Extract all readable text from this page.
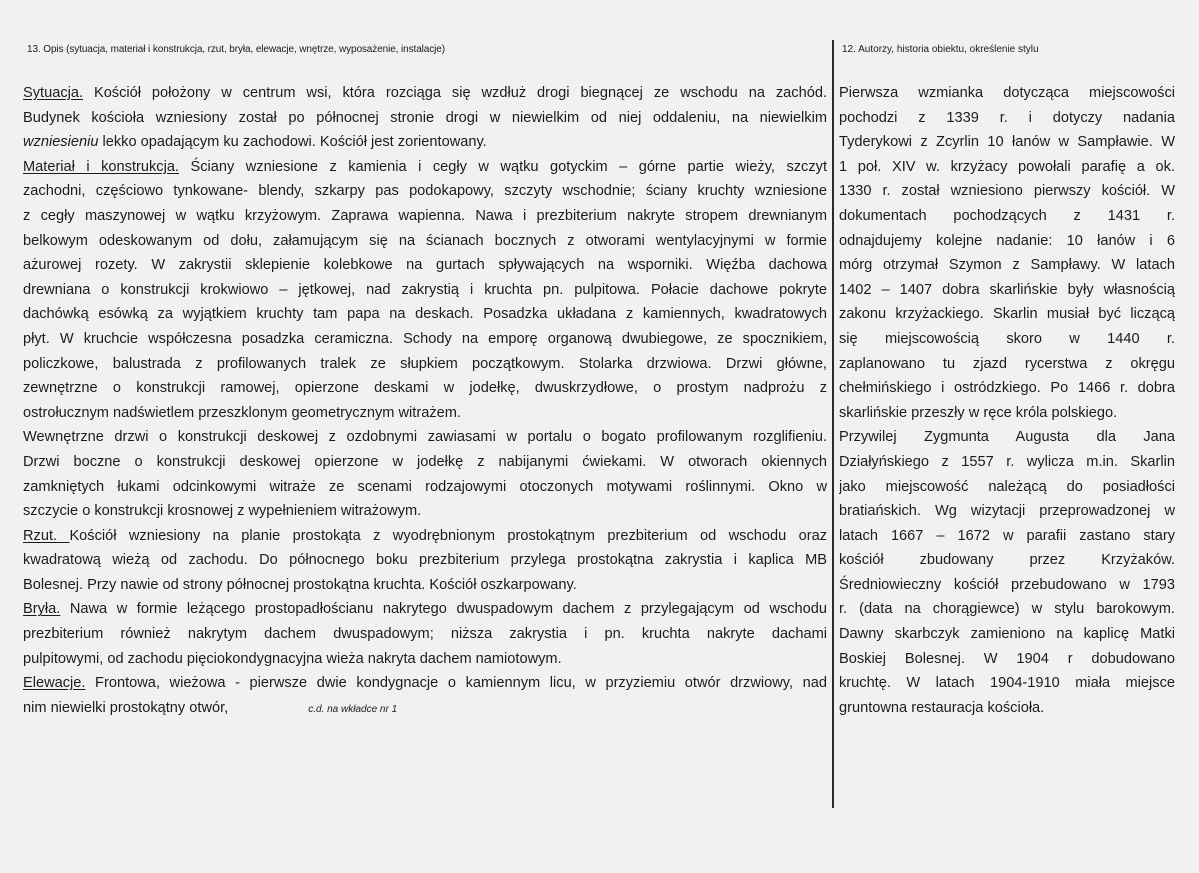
13. Opis (sytuacja, materiał i konstrukcja, rzut, bryła, elewacje, wnętrze, wyposażenie, instalacje)	12. Autorzy, historia obiektu, określenie stylu
Sytuacja. Kościół położony w centrum wsi, która rozciąga się wzdłuż drogi biegnącej ze wschodu na zachód.
Budynek kościoła wzniesiony został po północnej stronie drogi w niewielkim od niej oddaleniu, na niewielkim
wzniesieniu lekko opadającym ku zachodowi. Kościół jest zorientowany.
Materiał i konstrukcja. Ściany wzniesione z kamienia i cegły w wątku gotyckim – górne partie wieży, szczyt
zachodni, częściowo tynkowane- blendy, szkarpy pas podokapowy, szczyty wschodnie; ściany kruchty wzniesione
z cegły maszynowej w wątku krzyżowym. Zaprawa wapienna. Nawa i prezbiterium nakryte stropem drewnianym
belkowym odeskowanym od dołu, załamującym się na ścianach bocznych z otworami wentylacyjnymi w formie
ażurowej rozety. W zakrystii sklepienie kolebkowe na gurtach spływających na wsporniki. Więźba dachowa
drewniana o konstrukcji krokwiowo – jętkowej, nad zakrystią i kruchta pn. pulpitowa. Połacie dachowe pokryte
dachówką esówką za wyjątkiem kruchty tam papa na deskach. Posadzka układana z kamiennych, kwadratowych
płyt. W kruchcie współczesna posadzka ceramiczna. Schody na emporę organową dwubiegowe, ze spocznikiem,
policzkowe, balustrada z profilowanych tralek ze słupkiem początkowym. Stolarka drzwiowa. Drzwi główne,
zewnętrzne o konstrukcji ramowej, opierzone deskami w jodełkę, dwuskrzydłowe, o prostym nadprożu z
ostrołucznym nadświetlem przeszklonym geometrycznym witrażem.
Wewnętrzne drzwi o konstrukcji deskowej z ozdobnymi zawiasami w portalu o bogato profilowanym rozglifieniu.
Drzwi boczne o konstrukcji deskowej opierzone w jodełkę z nabijanymi ćwiekami. W otworach okiennych
zamkniętych łukami odcinkowymi witraże ze scenami rodzajowymi otoczonych motywami roślinnymi. Okno w
szczycie o konstrukcji krosnowej z wypełnieniem witrażowym.
Rzut. Kościół wzniesiony na planie prostokąta z wyodrębnionym prostokątnym prezbiterium od wschodu oraz
kwadratową wieżą od zachodu. Do północnego boku prezbiterium przylega prostokątna zakrystia i kaplica MB
Bolesnej. Przy nawie od strony północnej prostokątna kruchta. Kościół oszkarpowany.
Bryła. Nawa w formie leżącego prostopadłościanu nakrytego dwuspadowym dachem z przylegającym od wschodu
prezbiterium również nakrytym dachem dwuspadowym; niższa zakrystia i pn. kruchta nakryte dachami
pulpitowymi, od zachodu pięciokondygnacyjna wieża nakryta dachem namiotowym.
Elewacje. Frontowa, wieżowa - pierwsze dwie kondygnacje o kamiennym licu, w przyziemiu otwór drzwiowy, nad
nim niewielki prostokątny otwór,	c.d. na wkładce nr 1
Pierwsza wzmianka dotycząca miejscowości
pochodzi z 1339 r. i dotyczy nadania
Tyderykowi z Zcyrlin 10 łanów w Sampławie. W
1 poł. XIV w. krzyżacy powołali parafię a ok.
1330 r. został wzniesiono pierwszy kościół. W
dokumentach pochodzących z 1431 r.
odnajdujemy kolejne nadanie: 10 łanów i 6
mórg otrzymał Szymon z Sampławy. W latach
1402 – 1407 dobra skarlińskie były własnością
zakonu krzyżackiego. Skarlin musiał być liczącą
się miejscowością skoro w 1440 r.
zaplanowano tu zjazd rycerstwa z okręgu
chełmińskiego i ostródzkiego. Po 1466 r. dobra
skarlińskie przeszły w ręce króla polskiego.
Przywilej Zygmunta Augusta dla Jana
Działyńskiego z 1557 r. wylicza m.in. Skarlin
jako miejscowość należącą do posiadłości
bratiańskich. Wg wizytacji przeprowadzonej w
latach 1667 – 1672 w parafii zastano stary
kościół zbudowany przez Krzyżaków.
Średniowieczny kościół przebudowano w 1793
r. (data na chorągiewce) w stylu barokowym.
Dawny skarbczyk zamieniono na kaplicę Matki
Boskiej Bolesnej. W 1904 r dobudowano
kruchtę. W latach 1904-1910 miała miejsce
gruntowna restauracja kościoła.
